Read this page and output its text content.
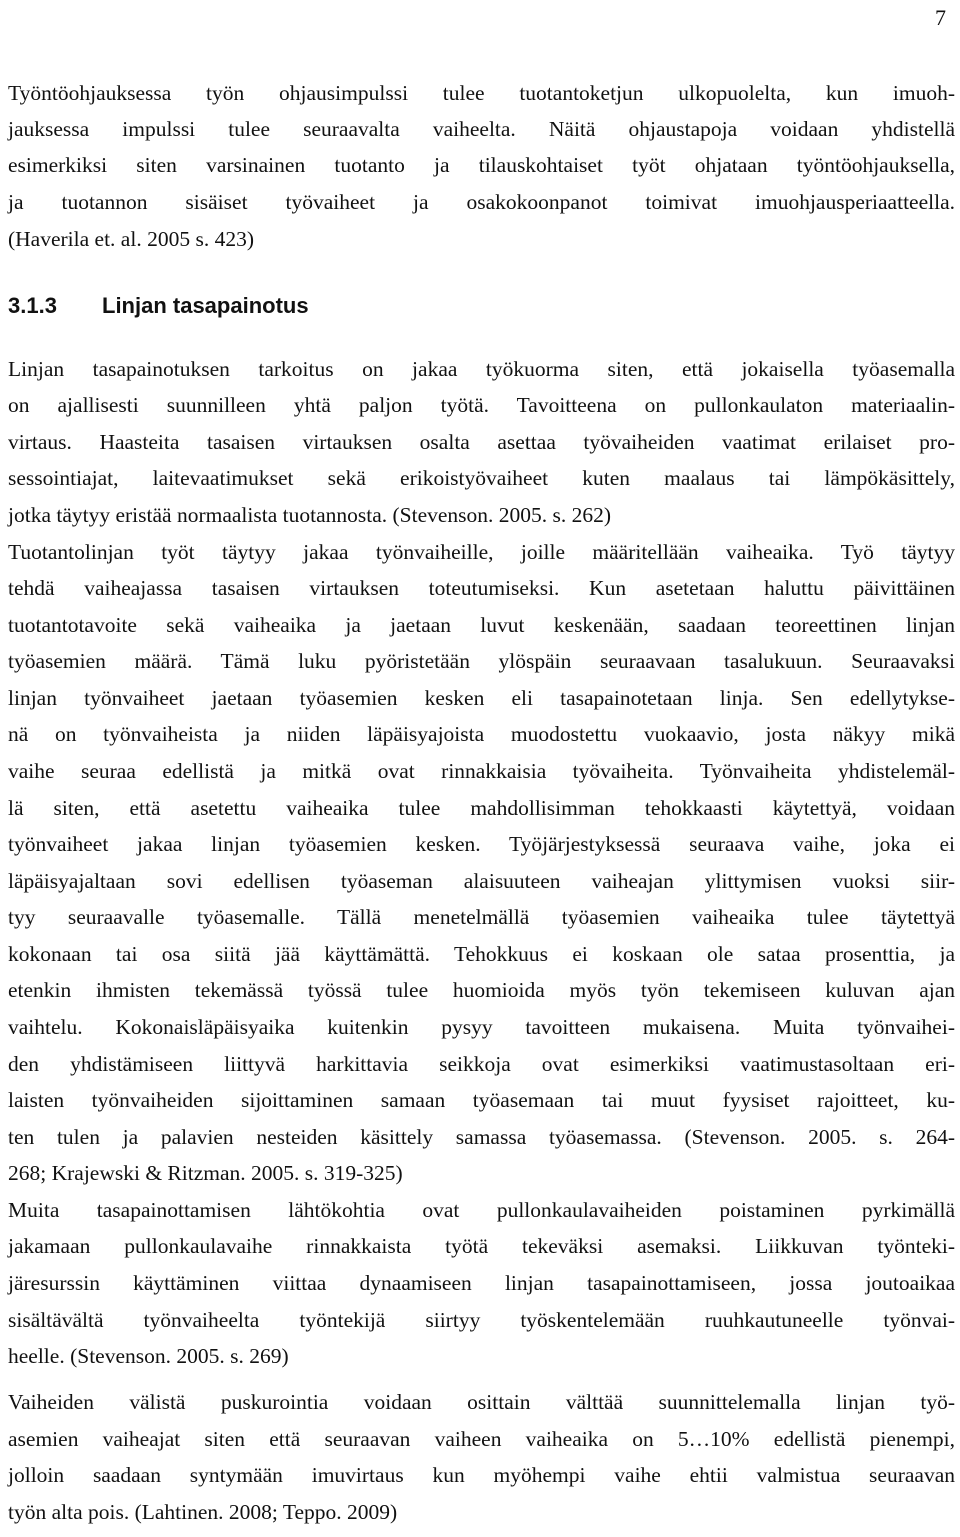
7
Työntöohjauksessa työn ohjausimpulssi tulee tuotantoketjun ulkopuolelta, kun imuoh-
jauksessa impulssi tulee seuraavalta vaiheelta. Näitä ohjaustapoja voidaan yhdistellä
esimerkiksi siten varsinainen tuotanto ja tilauskohtaiset työt ohjataan työntöohjauksella,
ja tuotannon sisäiset työvaiheet ja osakokoonpanot toimivat imuohjausperiaatteella.
(Haverila et. al. 2005 s. 423)
3.1.3 Linjan tasapainotus
Linjan tasapainotuksen tarkoitus on jakaa työkuorma siten, että jokaisella työasemalla
on ajallisesti suunnilleen yhtä paljon työtä. Tavoitteena on pullonkaulaton materiaalin-
virtaus. Haasteita tasaisen virtauksen osalta asettaa työvaiheiden vaatimat erilaiset pro-
sessointiajat, laitevaatimukset sekä erikoistyövaiheet kuten maalaus tai lämpökäsittely,
jotka täytyy eristää normaalista tuotannosta. (Stevenson. 2005. s. 262)
Tuotantolinjan työt täytyy jakaa työnvaiheille, joille määritellään vaiheaika. Työ täytyy
tehdä vaiheajassa tasaisen virtauksen toteutumiseksi. Kun asetetaan haluttu päivittäinen
tuotantotavoite sekä vaiheaika ja jaetaan luvut keskenään, saadaan teoreettinen linjan
työasemien määrä. Tämä luku pyöristetään ylöspäin seuraavaan tasalukuun. Seuraavaksi
linjan työnvaiheet jaetaan työasemien kesken eli tasapainotetaan linja. Sen edellytykse-
nä on työnvaiheista ja niiden läpäisyajoista muodostettu vuokaavio, josta näkyy mikä
vaihe seuraa edellistä ja mitkä ovat rinnakkaisia työvaiheita. Työnvaiheita yhdistelemäl-
lä siten, että asetettu vaiheaika tulee mahdollisimman tehokkaasti käytettyä, voidaan
työnvaiheet jakaa linjan työasemien kesken. Työjärjestyksessä seuraava vaihe, joka ei
läpäisyajaltaan sovi edellisen työaseman alaisuuteen vaiheajan ylittymisen vuoksi siir-
tyy seuraavalle työasemalle. Tällä menetelmällä työasemien vaiheaika tulee täytettyä
kokonaan tai osa siitä jää käyttämättä. Tehokkuus ei koskaan ole sataa prosenttia, ja
etenkin ihmisten tekemässä työssä tulee huomioida myös työn tekemiseen kuluvan ajan
vaihtelu. Kokonaisläpäisyaika kuitenkin pysyy tavoitteen mukaisena. Muita työnvaihei-
den yhdistämiseen liittyvä harkittavia seikkoja ovat esimerkiksi vaatimustasoltaan eri-
laisten työnvaiheiden sijoittaminen samaan työasemaan tai muut fyysiset rajoitteet, ku-
ten tulen ja palavien nesteiden käsittely samassa työasemassa. (Stevenson. 2005. s. 264-
268; Krajewski & Ritzman. 2005. s. 319-325)
Muita tasapainottamisen lähtökohtia ovat pullonkaulavaiheiden poistaminen pyrkimällä
jakamaan pullonkaulavaihe rinnakkaista työtä tekeväksi asemaksi. Liikkuvan työnteki-
järesurssin käyttäminen viittaa dynaamiseen linjan tasapainottamiseen, jossa joutoaikaa
sisältävältä työnvaiheelta työntekijä siirtyy työskentelemään ruuhkautuneelle työnvai-
heelle. (Stevenson. 2005. s. 269)
Vaiheiden välistä puskurointia voidaan osittain välttää suunnittelemalla linjan työ-
asemien vaiheajat siten että seuraavan vaiheen vaiheaika on 5…10% edellistä pienempi,
jolloin saadaan syntymään imuvirtaus kun myöhempi vaihe ehtii valmistua seuraavan
työn alta pois. (Lahtinen. 2008; Teppo. 2009)
